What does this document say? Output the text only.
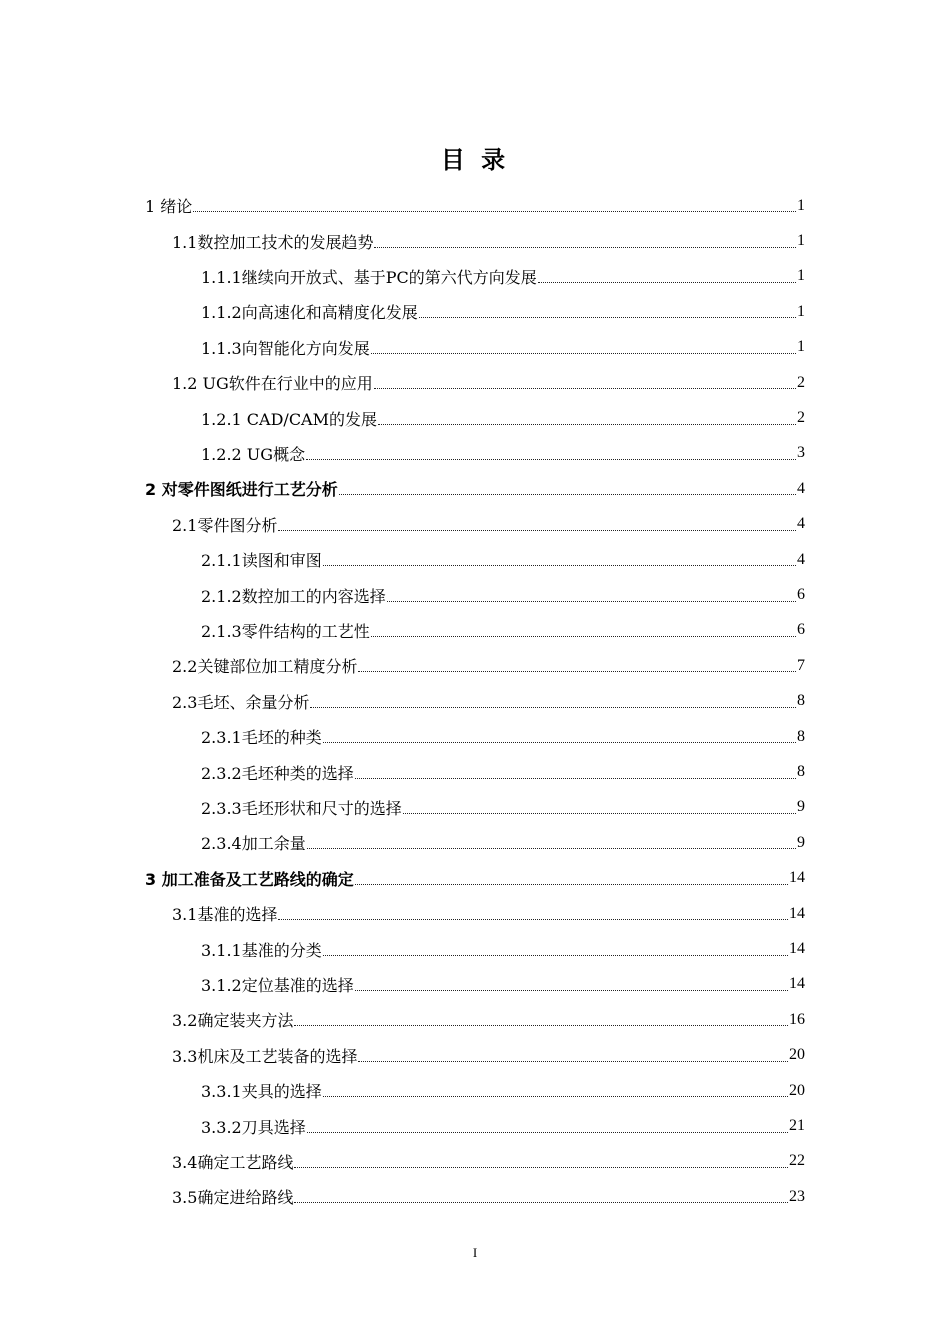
目 录
1 绪论	1
1.1数控加工技术的发展趋势	1
1.1.1继续向开放式、基于PC的第六代方向发展	1
1.1.2向高速化和高精度化发展	1
1.1.3向智能化方向发展	1
1.2 UG软件在行业中的应用	2
1.2.1 CAD/CAM的发展	2
1.2.2 UG概念	3
2 对零件图纸进行工艺分析	4
2.1零件图分析	4
2.1.1读图和审图	4
2.1.2数控加工的内容选择	6
2.1.3零件结构的工艺性	6
2.2关键部位加工精度分析	7
2.3毛坯、余量分析	8
2.3.1毛坯的种类	8
2.3.2毛坯种类的选择	8
2.3.3毛坯形状和尺寸的选择	9
2.3.4加工余量	9
3 加工准备及工艺路线的确定	14
3.1基准的选择	14
3.1.1基准的分类	14
3.1.2定位基准的选择	14
3.2确定装夹方法	16
3.3机床及工艺装备的选择	20
3.3.1夹具的选择	20
3.3.2刀具选择	21
3.4确定工艺路线	22
3.5确定进给路线	23
I
